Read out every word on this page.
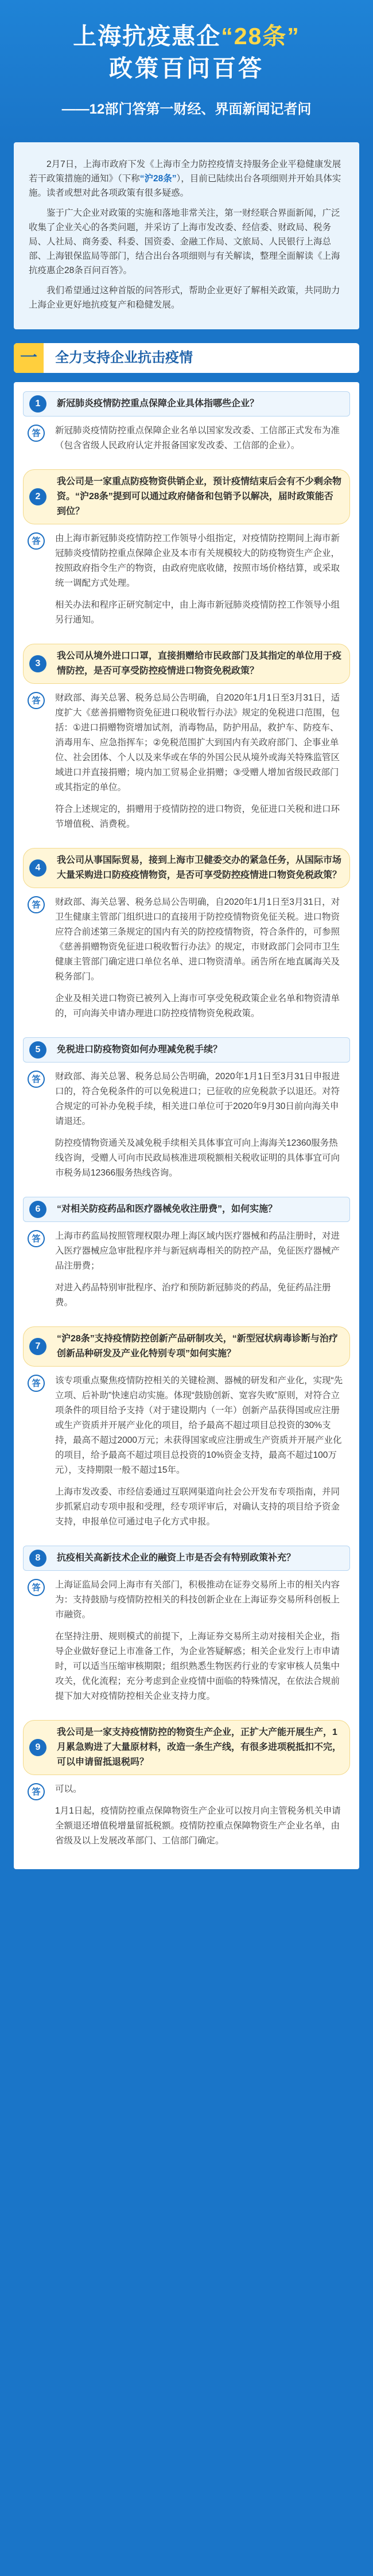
上海抗疫惠企“28条”
政策百问百答
——12部门答第一财经、界面新闻记者问

2月7日，上海市政府下发《上海市全力防控疫情支持服务企业平稳健康发展若干政策措施的通知》（下称“沪28条”），目前已陆续出台各项细则并开始具体实施。读者或想对此各项政策有很多疑惑。

鉴于广大企业对政策的实施和落地非常关注，第一财经联合界面新闻，广泛收集了企业关心的各类问题，并采访了上海市发改委、经信委、财政局、税务局、人社局、商务委、科委、国资委、金融工作局、文旅局、人民银行上海总部、上海银保监局等部门，结合出台各项细则与有关解读，整理全面解读《上海抗疫惠企28条百问百答》。

我们希望通过这种首版的问答形式，帮助企业更好了解相关政策，共同助力上海企业更好地抗疫复产和稳健发展。

一	全力支持企业抗击疫情
1	新冠肺炎疫情防控重点保障企业具体指哪些企业？
答	新冠肺炎疫情防控重点保障企业名单以国家发改委、工信部正式发布为准（包含省级人民政府认定并报备国家发改委、工信部的企业）。

2
我公司是一家重点防疫物资供销企业，预计疫情结束后会有不少剩余物资。“沪28条”提到可以通过政府储备和包销予以解决，届时政策能否到位？
答	由上海市新冠肺炎疫情防控工作领导小组指定，对疫情防控期间上海市新冠肺炎疫情防控重点保障企业及本市有关规模较大的防疫物资生产企业，按照政府指令生产的物资，由政府兜底收储，按照市场价格结算，或采取统一调配方式处理。

相关办法和程序正研究制定中，由上海市新冠肺炎疫情防控工作领导小组另行通知。

3
我公司从境外进口口罩，直接捐赠给市民政部门及其指定的单位用于疫情防控，是否可享受防控疫情进口物资免税政策？
答	财政部、海关总署、税务总局公告明确，自2020年1月1日至3月31日，适度扩大《慈善捐赠物资免征进口税收暂行办法》规定的免税进口范围，包括：①进口捐赠物资增加试剂，消毒物品，防护用品，救护车、防疫车、消毒用车、应急指挥车；②免税范围扩大到国内有关政府部门、企事业单位、社会团体、个人以及来华或在华的外国公民从境外或海关特殊监管区域进口并直接捐赠；境内加工贸易企业捐赠；③受赠人增加省级民政部门或其指定的单位。

符合上述规定的，捐赠用于疫情防控的进口物资，免征进口关税和进口环节增值税、消费税。

4
我公司从事国际贸易，接到上海市卫健委交办的紧急任务，从国际市场大量采购进口防疫疫情物资，是否可享受防控疫情进口物资免税政策？
答	财政部、海关总署、税务总局公告明确，自2020年1月1日至3月31日，对卫生健康主管部门组织进口的直接用于防控疫情物资免征关税。进口物资应符合前述第三条规定的国内有关的防控疫情物资，符合条件的，可参照《慈善捐赠物资免征进口税收暂行办法》的规定，市财政部门会同市卫生健康主管部门确定进口单位名单、进口物资清单。函告所在地直属海关及税务部门。

企业及相关进口物资已被列入上海市可享受免税政策企业名单和物资清单的，可向海关申请办理进口防控疫情物资免税政策。

5	免税进口防疫物资如何办理减免税手续？
答	财政部、海关总署、税务总局公告明确，2020年1月1日至3月31日申报进口的，符合免税条件的可以免税进口；已征收的应免税款予以退还。对符合规定的可补办免税手续，相关进口单位可于2020年9月30日前向海关申请退还。

防控疫情物资通关及减免税手续相关具体事宜可向上海海关12360服务热线咨询，受赠人可向市民政局核准进项税额相关税收证明的具体事宜可向市税务局12366服务热线咨询。

6	“对相关防疫药品和医疗器械免收注册费”，如何实施？
答	上海市药监局按照管理权限办理上海区域内医疗器械和药品注册时，对进入医疗器械应急审批程序并与新冠病毒相关的防控产品，免征医疗器械产品注册费；

对进入药品特别审批程序、治疗和预防新冠肺炎的药品，免征药品注册费。

7
“沪28条”支持疫情防控创新产品研制攻关，“新型冠状病毒诊断与治疗创新品种研发及产业化特别专项”如何实施？
答	该专项重点聚焦疫情防控相关的关键检测、器械的研发和产业化，实现“先立项、后补助”快速启动实施。体现“鼓励创新、宽容失败”原则，对符合立项条件的项目给予支持（对于建设期内（一年）创新产品获得国或应注册或生产资质并开展产业化的项目，给予最高不超过项目总投资的30%支持，最高不超过2000万元；未获得国家或应注册或生产资质并开展产业化的项目，给予最高不超过项目总投资的10%资金支持，最高不超过100万元），支持期限一般不超过15年。

上海市发改委、市经信委通过互联网渠道向社会公开发布专项指南，并同步抓紧启动专项申报和受理，经专项评审后，对确认支持的项目给予资金支持，申报单位可通过电子化方式申报。

8	抗疫相关高新技术企业的融资上市是否会有特别政策补充？
答	上海证监局会同上海市有关部门，积极推动在证券交易所上市的相关内容为：支持鼓励与疫情防控相关的科技创新企业在上海证券交易所科创板上市融资。

在坚持注册、规则模式的前提下，上海证券交易所主动对接相关企业，指导企业做好登记上市准备工作，为企业答疑解惑；相关企业发行上市申请时，可以适当压缩审核期限；组织熟悉生物医药行业的专家审核人员集中攻关，优化流程；充分考虑到企业疫情中面临的特殊情况，在依法合规前提下加大对疫情防控相关企业支持力度。

9
我公司是一家支持疫情防控的物资生产企业，正扩大产能开展生产，1月累急购进了大量原材料，改造一条生产线，有很多进项税抵扣不完，可以申请留抵退税吗？
答	可以。

1月1日起，疫情防控重点保障物资生产企业可以按月向主管税务机关申请全额退还增值税增量留抵税额。疫情防控重点保障物资生产企业名单，由省级及以上发展改革部门、工信部门确定。
